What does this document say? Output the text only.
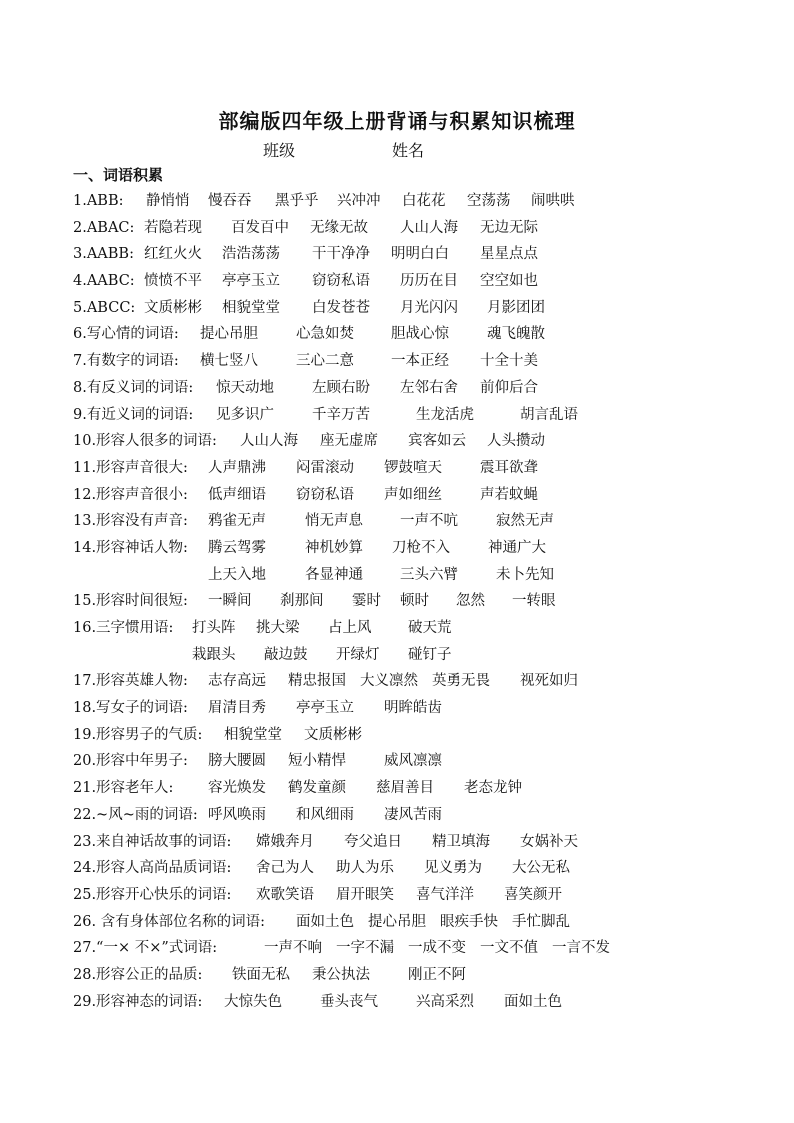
部编版四年级上册背诵与积累知识梳理
班级	姓名
一、词语积累
1.ABB: 静悄悄 慢吞吞 黑乎乎 兴冲冲 白花花 空荡荡 闹哄哄
2.ABAC: 若隐若现 百发百中 无缘无故 人山人海 无边无际
3.AABB: 红红火火 浩浩荡荡 干干净净 明明白白 星星点点
4.AABC: 愤愤不平 亭亭玉立 窃窃私语 历历在目 空空如也
5.ABCC: 文质彬彬 相貌堂堂 白发苍苍 月光闪闪 月影团团
6.写心情的词语: 提心吊胆	心急如焚	胆战心惊	魂飞魄散
7.有数字的词语: 横七竖八	三心二意	一本正经 十全十美
8.有反义词的词语: 惊天动地	左顾右盼 左邻右舍 前仰后合
9.有近义词的词语: 见多识广	千辛万苦	生龙活虎	胡言乱语
10.形容人很多的词语: 人山人海 座无虚席 宾客如云 人头攒动
11.形容声音很大: 人声鼎沸 闷雷滚动 锣鼓喧天	震耳欲聋
12.形容声音很小: 低声细语 窃窃私语 声如细丝	声若蚊蝇
13.形容没有声音: 鸦雀无声	悄无声息	一声不吭	寂然无声
14.形容神话人物: 腾云驾雾	神机妙算 刀枪不入	神通广大
上天入地	各显神通	三头六臂	未卜先知
15.形容时间很短: 一瞬间 刹那间 霎时 顿时 忽然 一转眼
16.三字惯用语: 打头阵 挑大梁 占上风	破天荒
栽跟头 敲边鼓 开绿灯 碰钉子
17.形容英雄人物: 志存高远 精忠报国 大义凛然 英勇无畏 视死如归
18.写女子的词语: 眉清目秀 亭亭玉立 明眸皓齿
19.形容男子的气质: 相貌堂堂 文质彬彬
20.形容中年男子: 膀大腰圆 短小精悍	威风凛凛
21.形容老年人: 容光焕发 鹤发童颜 慈眉善目 老态龙钟
22.~风~雨的词语: 呼风唤雨 和风细雨 凄风苦雨
23.来自神话故事的词语: 嫦娥奔月 夸父追日 精卫填海 女娲补天
24.形容人高尚品质词语: 舍己为人 助人为乐 见义勇为 大公无私
25.形容开心快乐的词语: 欢歌笑语 眉开眼笑 喜气洋洋 喜笑颜开
26. 含有身体部位名称的词语: 面如土色 提心吊胆 眼疾手快 手忙脚乱
27.“一× 不×”式词语:	一声不响 一字不漏 一成不变 一文不值 一言不发
28.形容公正的品质: 铁面无私 秉公执法	刚正不阿
29.形容神态的词语: 大惊失色	垂头丧气	兴高采烈 面如土色
